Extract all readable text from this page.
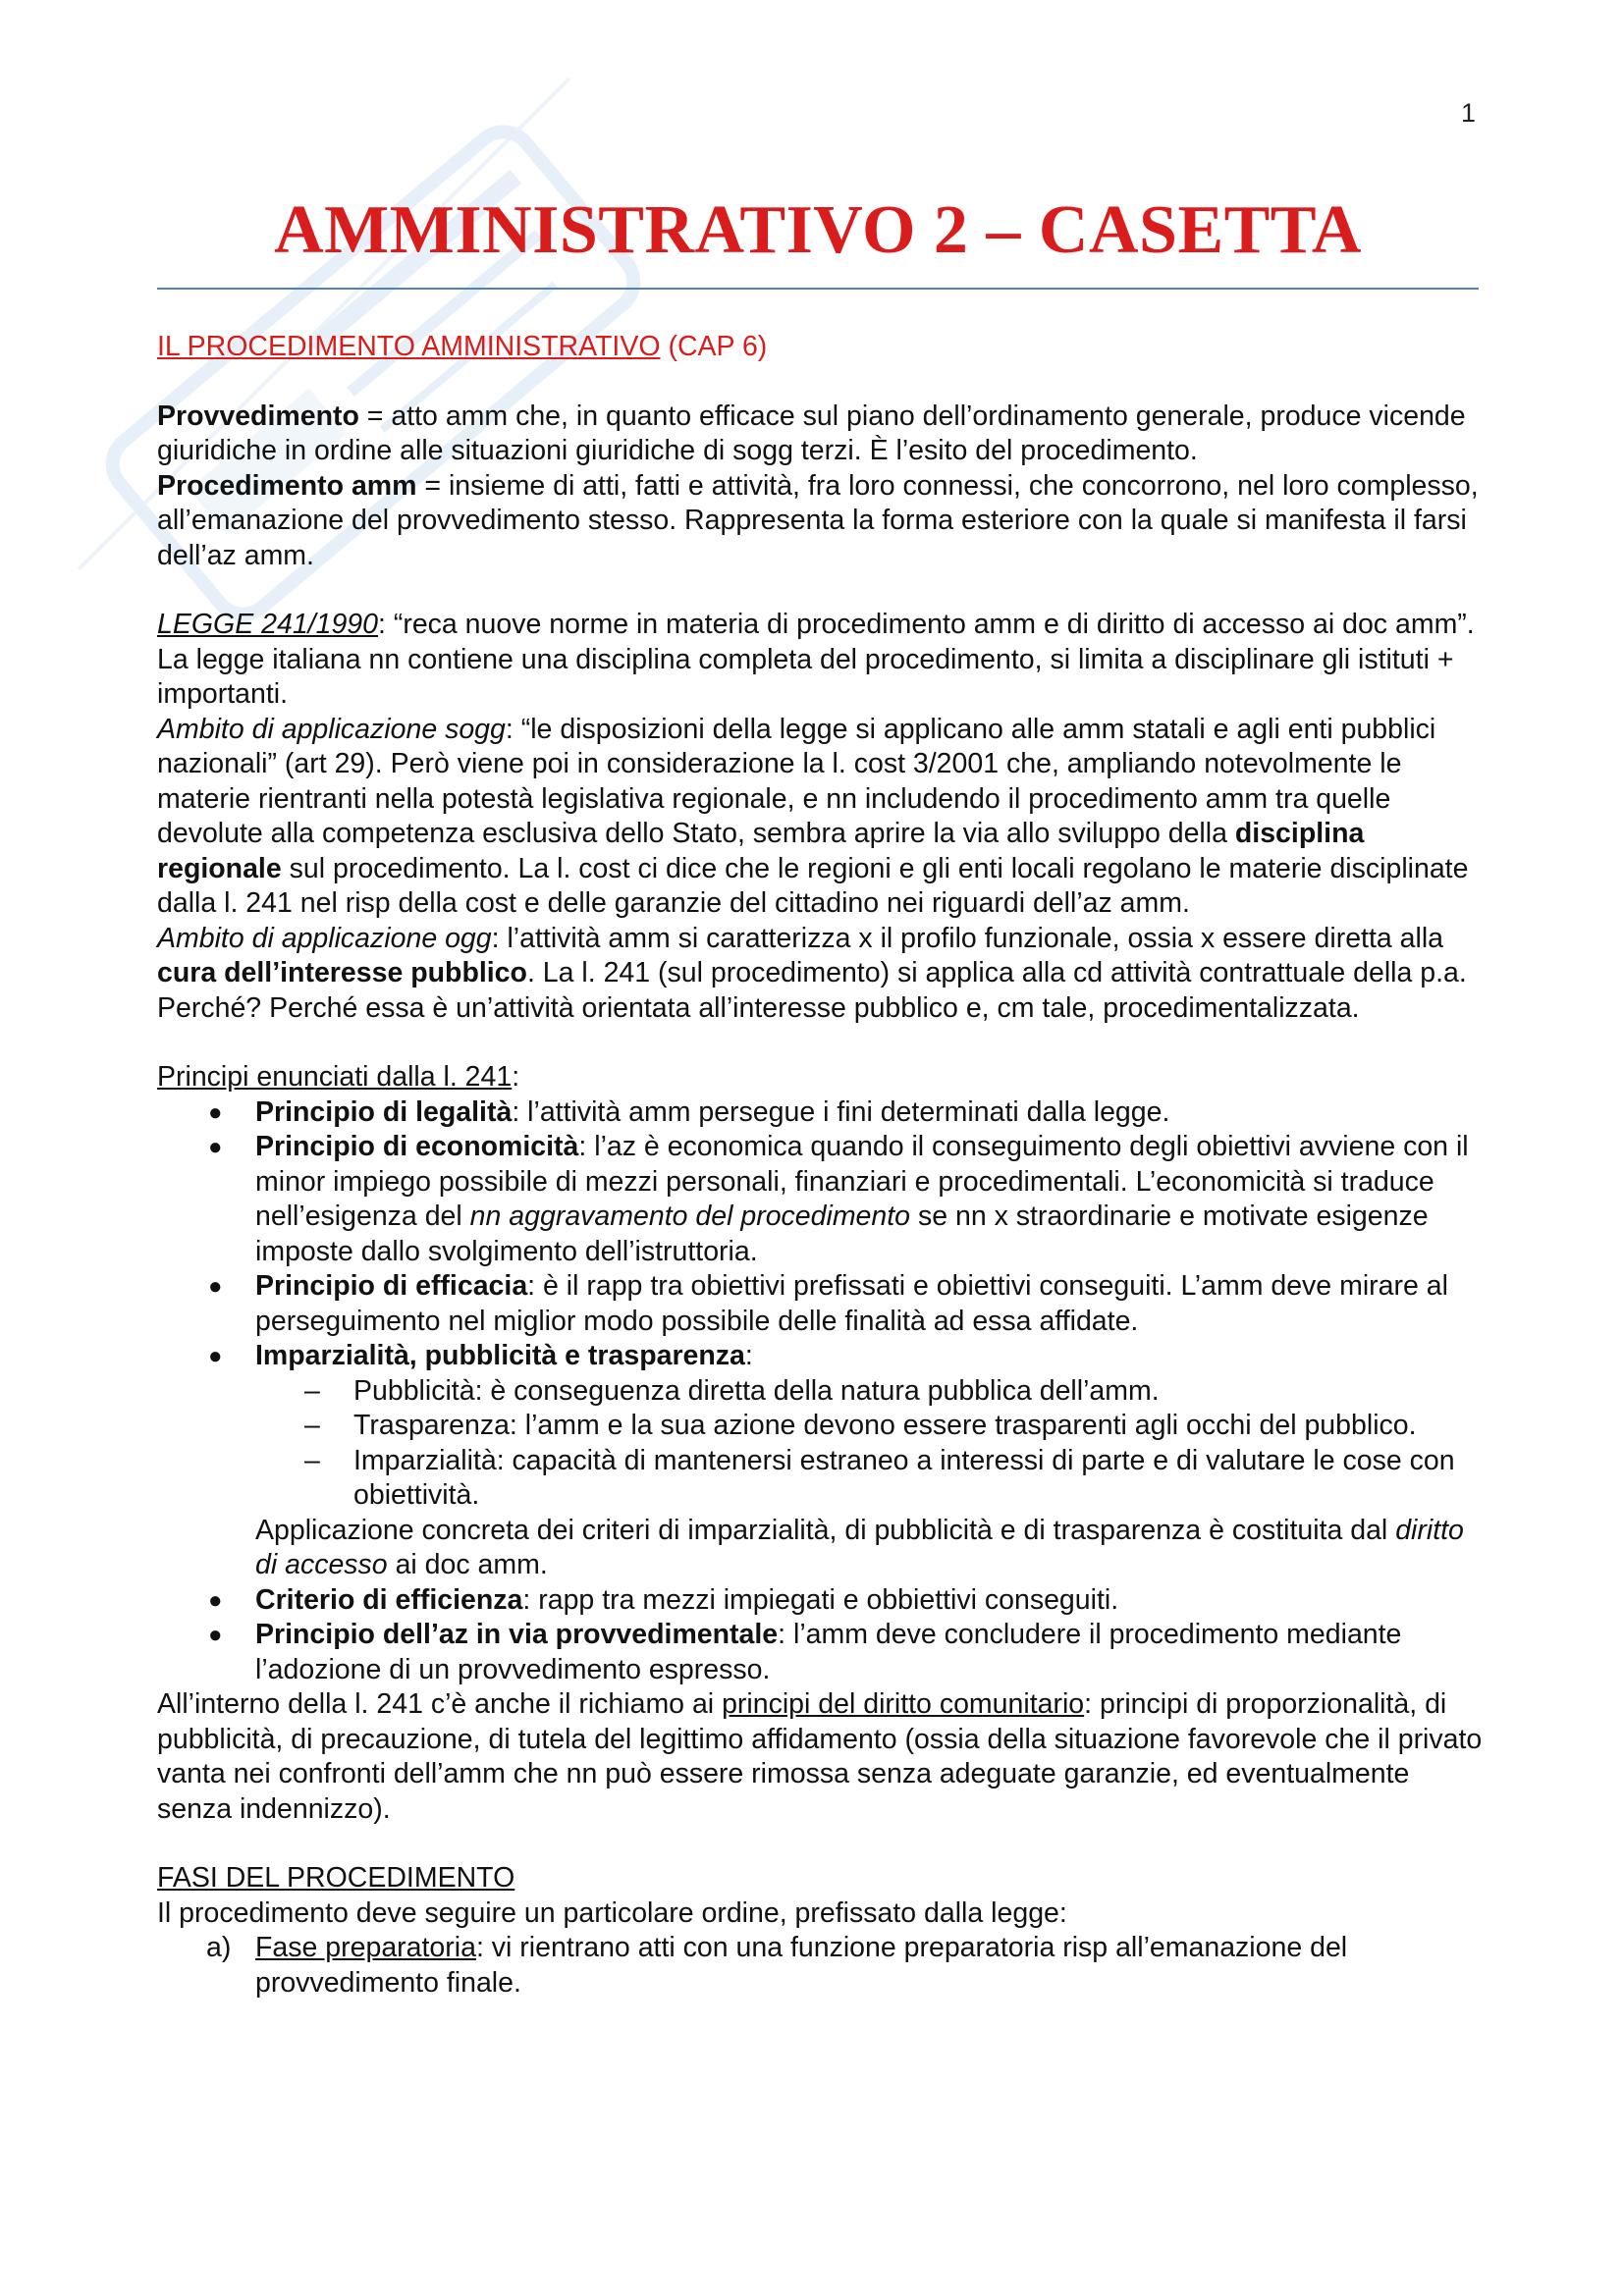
1
AMMINISTRATIVO 2 – CASETTA

IL PROCEDIMENTO AMMINISTRATIVO (CAP 6)

Provvedimento = atto amm che, in quanto efficace sul piano dell’ordinamento generale, produce vicende giuridiche in ordine alle situazioni giuridiche di sogg terzi. È l’esito del procedimento.

Procedimento amm = insieme di atti, fatti e attività, fra loro connessi, che concorrono, nel loro complesso, all’emanazione del provvedimento stesso. Rappresenta la forma esteriore con la quale si manifesta il farsi dell’az amm.

LEGGE 241/1990: “reca nuove norme in materia di procedimento amm e di diritto di accesso ai doc amm”. La legge italiana nn contiene una disciplina completa del procedimento, si limita a disciplinare gli istituti + importanti.

Ambito di applicazione sogg: “le disposizioni della legge si applicano alle amm statali e agli enti pubblici nazionali” (art 29). Però viene poi in considerazione la l. cost 3/2001 che, ampliando notevolmente le materie rientranti nella potestà legislativa regionale, e nn includendo il procedimento amm tra quelle devolute alla competenza esclusiva dello Stato, sembra aprire la via allo sviluppo della disciplina regionale sul procedimento. La l. cost ci dice che le regioni e gli enti locali regolano le materie disciplinate dalla l. 241 nel risp della cost e delle garanzie del cittadino nei riguardi dell’az amm.

Ambito di applicazione ogg: l’attività amm si caratterizza x il profilo funzionale, ossia x essere diretta alla cura dell’interesse pubblico. La l. 241 (sul procedimento) si applica alla cd attività contrattuale della p.a. Perché? Perché essa è un’attività orientata all’interesse pubblico e, cm tale, procedimentalizzata.

Principi enunciati dalla l. 241:

● Principio di legalità: l’attività amm persegue i fini determinati dalla legge.
● Principio di economicità: l’az è economica quando il conseguimento degli obiettivi avviene con il minor impiego possibile di mezzi personali, finanziari e procedimentali. L’economicità si traduce nell’esigenza del nn aggravamento del procedimento se nn x straordinarie e motivate esigenze imposte dallo svolgimento dell’istruttoria.
● Principio di efficacia: è il rapp tra obiettivi prefissati e obiettivi conseguiti. L’amm deve mirare al perseguimento nel miglior modo possibile delle finalità ad essa affidate.
● Imparzialità, pubblicità e trasparenza:
– Pubblicità: è conseguenza diretta della natura pubblica dell’amm.
– Trasparenza: l’amm e la sua azione devono essere trasparenti agli occhi del pubblico.
– Imparzialità: capacità di mantenersi estraneo a interessi di parte e di valutare le cose con obiettività.

Applicazione concreta dei criteri di imparzialità, di pubblicità e di trasparenza è costituita dal diritto di accesso ai doc amm.

● Criterio di efficienza: rapp tra mezzi impiegati e obbiettivi conseguiti.
● Principio dell’az in via provvedimentale: l’amm deve concludere il procedimento mediante l’adozione di un provvedimento espresso.

All’interno della l. 241 c’è anche il richiamo ai principi del diritto comunitario: principi di proporzionalità, di pubblicità, di precauzione, di tutela del legittimo affidamento (ossia della situazione favorevole che il privato vanta nei confronti dell’amm che nn può essere rimossa senza adeguate garanzie, ed eventualmente senza indennizzo).

FASI DEL PROCEDIMENTO

Il procedimento deve seguire un particolare ordine, prefissato dalla legge:

a) Fase preparatoria: vi rientrano atti con una funzione preparatoria risp all’emanazione del provvedimento finale.
